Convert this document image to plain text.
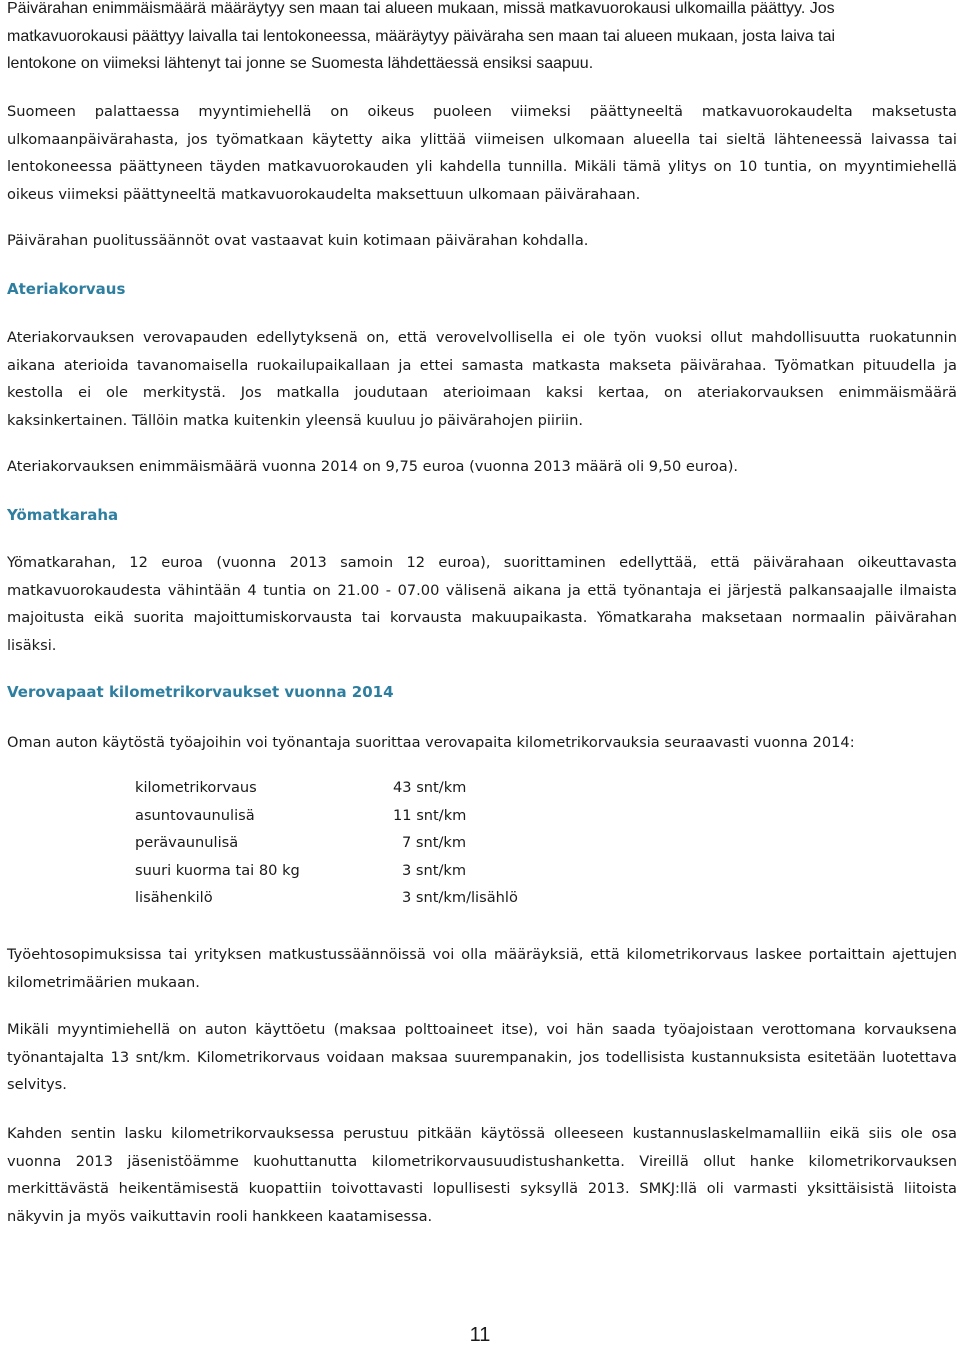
Päivärahan enimmäismäärä määräytyy sen maan tai alueen mukaan, missä matkavuorokausi ulkomailla päättyy. Jos

matkavuorokausi päättyy laivalla tai lentokoneessa, määräytyy päiväraha sen maan tai alueen mukaan, josta laiva tai

lentokone on viimeksi lähtenyt tai jonne se Suomesta lähdettäessä ensiksi saapuu.

Suomeen palattaessa myyntimiehellä on oikeus puoleen viimeksi päättyneeltä matkavuorokaudelta maksetusta ulkomaanpäivärahasta, jos työmatkaan käytetty aika ylittää viimeisen ulkomaan alueella tai sieltä lähteneessä laivassa tai lentokoneessa päättyneen täyden matkavuorokauden yli kahdella tunnilla. Mikäli tämä ylitys on 10 tuntia, on myyntimiehellä oikeus viimeksi päättyneeltä matkavuorokaudelta maksettuun ulkomaan päivärahaan.

Päivärahan puolitussäännöt ovat vastaavat kuin kotimaan päivärahan kohdalla.

Ateriakorvaus

Ateriakorvauksen verovapauden edellytyksenä on, että verovelvollisella ei ole työn vuoksi ollut mahdollisuutta ruokatunnin aikana aterioida tavanomaisella ruokailupaikallaan ja ettei samasta matkasta makseta päivärahaa. Työmatkan pituudella ja kestolla ei ole merkitystä. Jos matkalla joudutaan aterioimaan kaksi kertaa, on ateriakorvauksen enimmäismäärä kaksinkertainen. Tällöin matka kuitenkin yleensä kuuluu jo päivärahojen piiriin.

Ateriakorvauksen enimmäismäärä vuonna 2014 on 9,75 euroa (vuonna 2013 määrä oli 9,50 euroa).

Yömatkaraha

Yömatkarahan, 12 euroa (vuonna 2013 samoin 12 euroa), suorittaminen edellyttää, että päivärahaan oikeuttavasta matkavuorokaudesta vähintään 4 tuntia on 21.00 - 07.00 välisenä aikana ja että työnantaja ei järjestä palkansaajalle ilmaista majoitusta eikä suorita majoittumiskorvausta tai korvausta makuupaikasta. Yömatkaraha maksetaan normaalin päivärahan lisäksi.

Verovapaat kilometrikorvaukset vuonna 2014

Oman auton käytöstä työajoihin voi työnantaja suorittaa verovapaita kilometrikorvauksia seuraavasti vuonna 2014:

kilometrikorvaus	43 snt/km
asuntovaunulisä	11 snt/km
perävaunulisä	7 snt/km
suuri kuorma tai 80 kg	3 snt/km
lisähenkilö	3 snt/km/lisählö

Työehtosopimuksissa tai yrityksen matkustussäännöissä voi olla määräyksiä, että kilometrikorvaus laskee portaittain ajettujen kilometrimäärien mukaan.

Mikäli myyntimiehellä on auton käyttöetu (maksaa polttoaineet itse), voi hän saada työajoistaan verottomana korvauksena työnantajalta 13 snt/km. Kilometrikorvaus voidaan maksaa suurempanakin, jos todellisista kustannuksista esitetään luotettava selvitys.

Kahden sentin lasku kilometrikorvauksessa perustuu pitkään käytössä olleeseen kustannuslaskelmamalliin eikä siis ole osa vuonna 2013 jäsenistöämme kuohuttanutta kilometrikorvausuudistushanketta. Vireillä ollut hanke kilometrikorvauksen merkittävästä heikentämisestä kuopattiin toivottavasti lopullisesti syksyllä 2013. SMKJ:llä oli varmasti yksittäisistä liitoista näkyvin ja myös vaikuttavin rooli hankkeen kaatamisessa.

11
